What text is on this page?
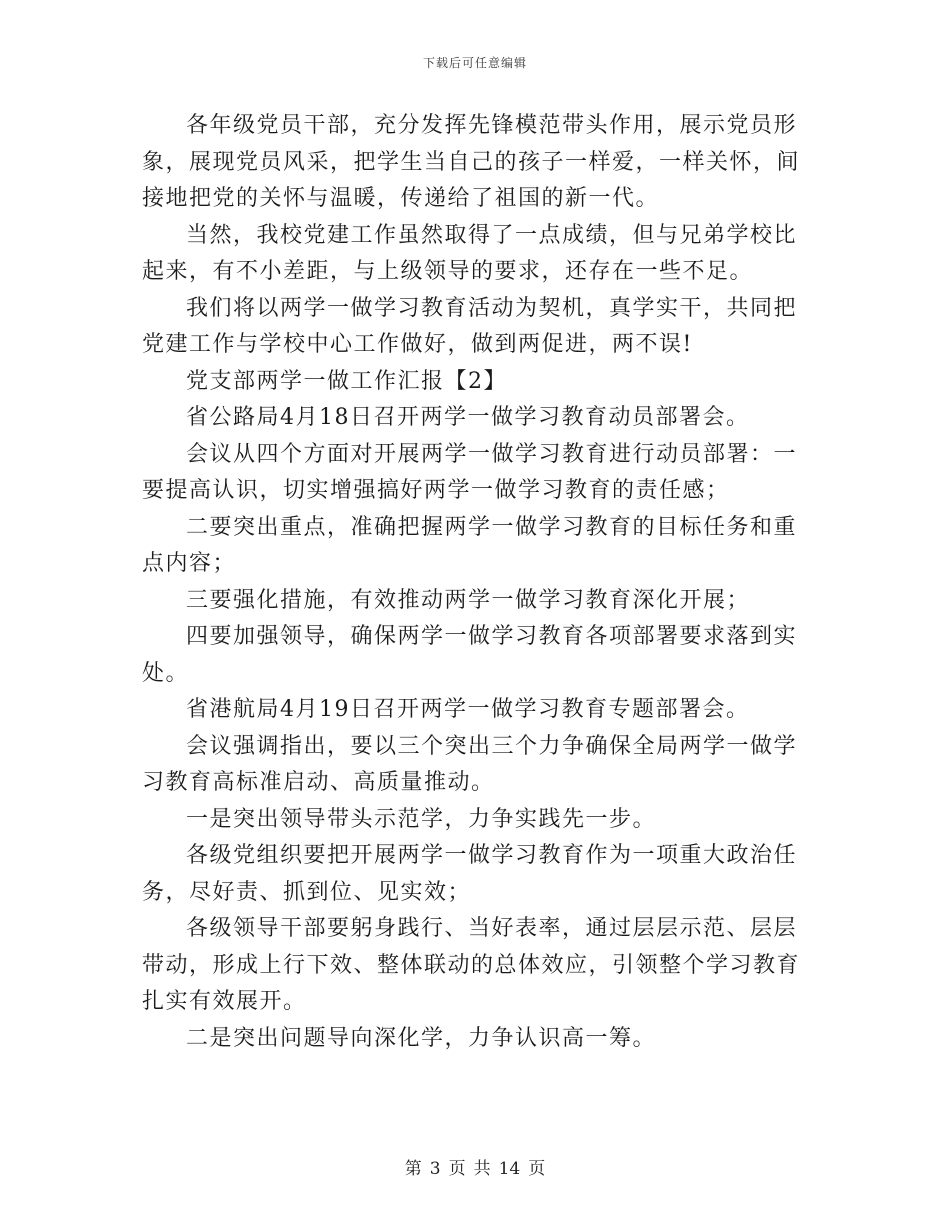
下载后可任意编辑

各年级党员干部，充分发挥先锋模范带头作用，展示党员形象，展现党员风采，把学生当自己的孩子一样爱，一样关怀，间接地把党的关怀与温暖，传递给了祖国的新一代。

当然，我校党建工作虽然取得了一点成绩，但与兄弟学校比起来，有不小差距，与上级领导的要求，还存在一些不足。

我们将以两学一做学习教育活动为契机，真学实干，共同把党建工作与学校中心工作做好，做到两促进，两不误!

党支部两学一做工作汇报【2】

省公路局4月18日召开两学一做学习教育动员部署会。

会议从四个方面对开展两学一做学习教育进行动员部署：一要提高认识，切实增强搞好两学一做学习教育的责任感；

二要突出重点，准确把握两学一做学习教育的目标任务和重点内容；

三要强化措施，有效推动两学一做学习教育深化开展；

四要加强领导，确保两学一做学习教育各项部署要求落到实处。

省港航局4月19日召开两学一做学习教育专题部署会。

会议强调指出，要以三个突出三个力争确保全局两学一做学习教育高标准启动、高质量推动。

一是突出领导带头示范学，力争实践先一步。

各级党组织要把开展两学一做学习教育作为一项重大政治任务，尽好责、抓到位、见实效；

各级领导干部要躬身践行、当好表率，通过层层示范、层层带动，形成上行下效、整体联动的总体效应，引领整个学习教育扎实有效展开。

二是突出问题导向深化学，力争认识高一筹。

第 3 页 共 14 页
